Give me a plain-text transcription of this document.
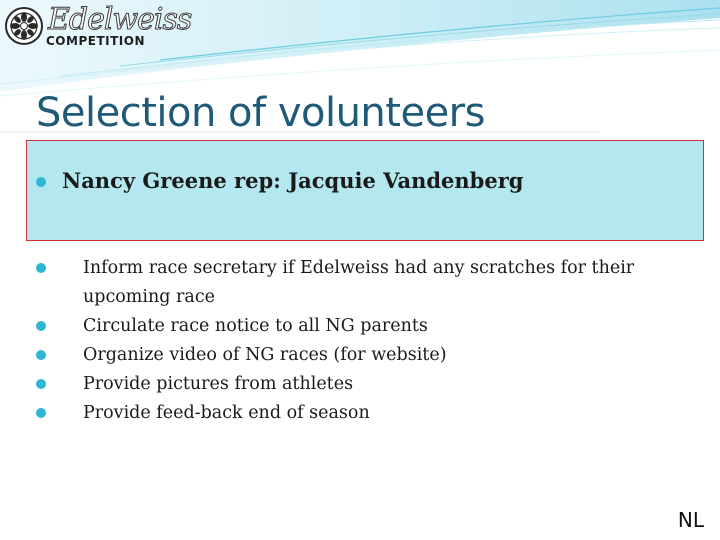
Edelweiss
COMPETITION
Selection of volunteers
Nancy Greene rep: Jacquie Vandenberg
Inform race secretary if Edelweiss had any scratches for their upcoming race
Circulate race notice to all NG parents
Organize video of NG races (for website)
Provide pictures from athletes
Provide feed-back end of season
NL
